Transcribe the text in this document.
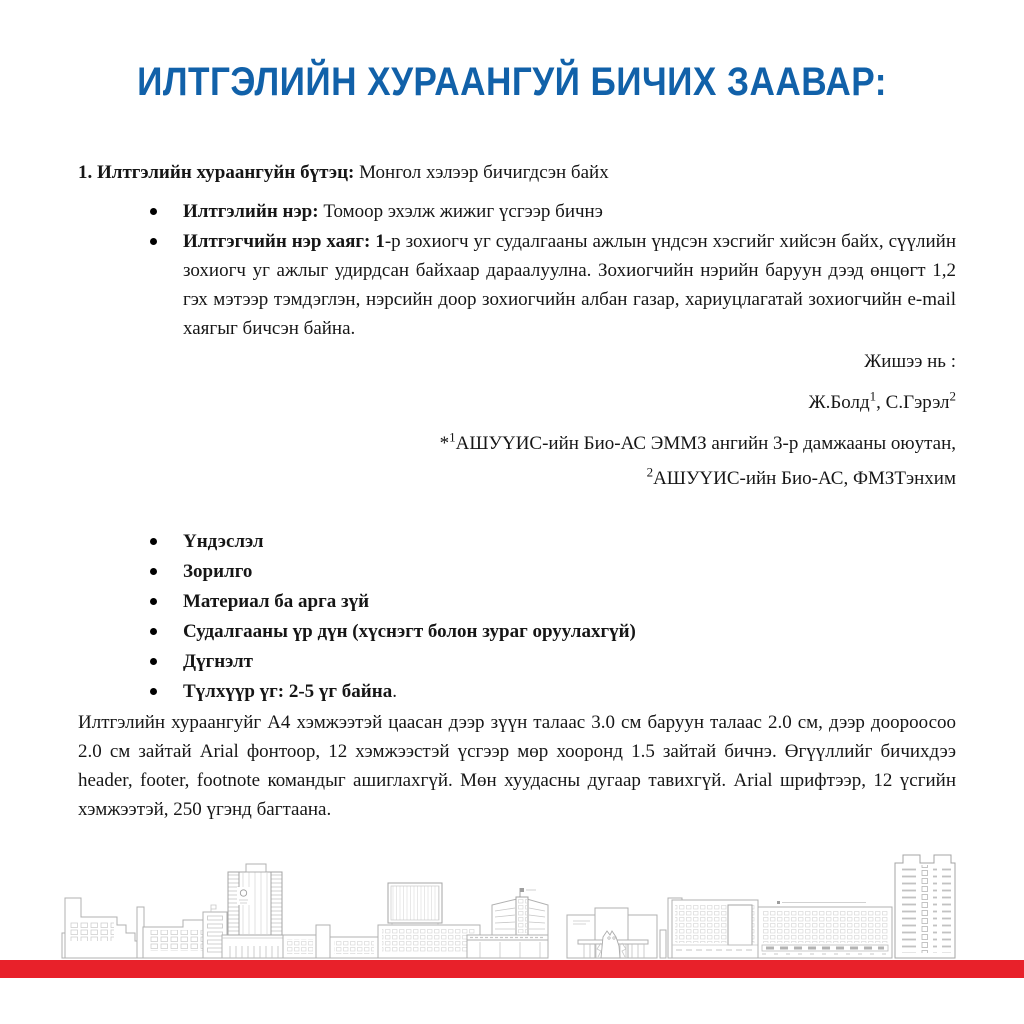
ИЛТГЭЛИЙН ХУРААНГУЙ БИЧИХ ЗААВАР:

1. Илтгэлийн хураангуйн бүтэц: Монгол хэлээр бичигдсэн байх

Илтгэлийн нэр: Томоор эхэлж жижиг үсгээр бичнэ
Илтгэгчийн нэр хаяг: 1-р зохиогч уг судалгааны ажлын үндсэн хэсгийг хийсэн байх, сүүлийн зохиогч уг ажлыг удирдсан байхаар дараалуулна. Зохиогчийн нэрийн баруун дээд өнцөгт 1,2 гэх мэтээр тэмдэглэн, нэрсийн доор зохиогчийн албан газар, хариуцлагатай зохиогчийн e-mail хаягыг бичсэн байна.

Жишээ нь :

Ж.Болд$^1$, С.Гэрэл$^2$

*$^1$АШУҮИС-ийн Био-АС ЭММЗ ангийн 3-р дамжааны оюутан,

$^2$АШУҮИС-ийн Био-АС, ФМЗТэнхим

Үндэслэл
Зорилго
Материал ба арга зүй
Судалгааны үр дүн (хүснэгт болон зураг оруулахгүй)
Дүгнэлт
Түлхүүр үг: 2-5 үг байна.

Илтгэлийн хураангуйг А4 хэмжээтэй цаасан дээр зүүн талаас 3.0 см баруун талаас 2.0 см, дээр доороосоо 2.0 см зайтай Arial фонтоор, 12 хэмжээстэй үсгээр мөр хооронд 1.5 зайтай бичнэ. Өгүүллийг бичихдээ header, footer, footnote командыг ашиглахгүй. Мөн хуудасны дугаар тавихгүй. Arial шрифтээр, 12 үсгийн хэмжээтэй, 250 үгэнд багтаана.
